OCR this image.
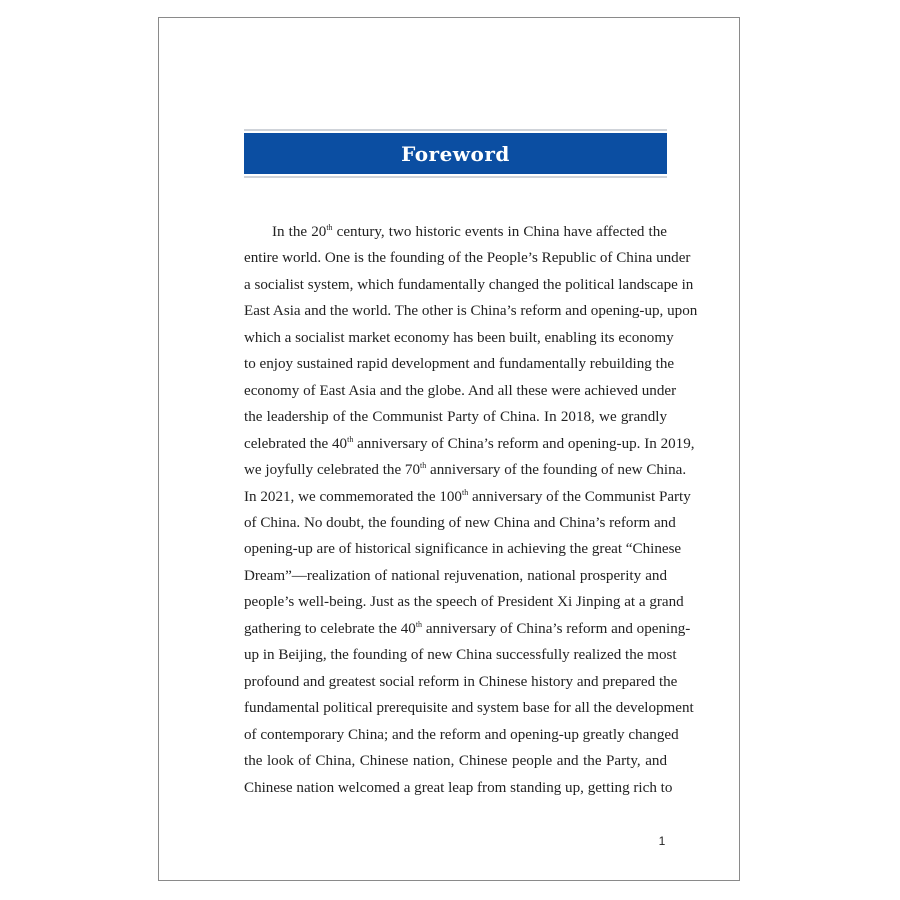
Foreword
In the 20th century, two historic events in China have affected the
entire world. One is the founding of the People’s Republic of China under
a socialist system, which fundamentally changed the political landscape in
East Asia and the world. The other is China’s reform and opening-up, upon
which a socialist market economy has been built, enabling its economy
to enjoy sustained rapid development and fundamentally rebuilding the
economy of East Asia and the globe. And all these were achieved under
the leadership of the Communist Party of China. In 2018, we grandly
celebrated the 40th anniversary of China’s reform and opening-up. In 2019,
we joyfully celebrated the 70th anniversary of the founding of new China.
In 2021, we commemorated the 100th anniversary of the Communist Party
of China. No doubt, the founding of new China and China’s reform and
opening-up are of historical significance in achieving the great “Chinese
Dream”—realization of national rejuvenation, national prosperity and
people’s well-being. Just as the speech of President Xi Jinping at a grand
gathering to celebrate the 40th anniversary of China’s reform and opening-
up in Beijing, the founding of new China successfully realized the most
profound and greatest social reform in Chinese history and prepared the
fundamental political prerequisite and system base for all the development
of contemporary China; and the reform and opening-up greatly changed
the look of China, Chinese nation, Chinese people and the Party, and
Chinese nation welcomed a great leap from standing up, getting rich to
1
